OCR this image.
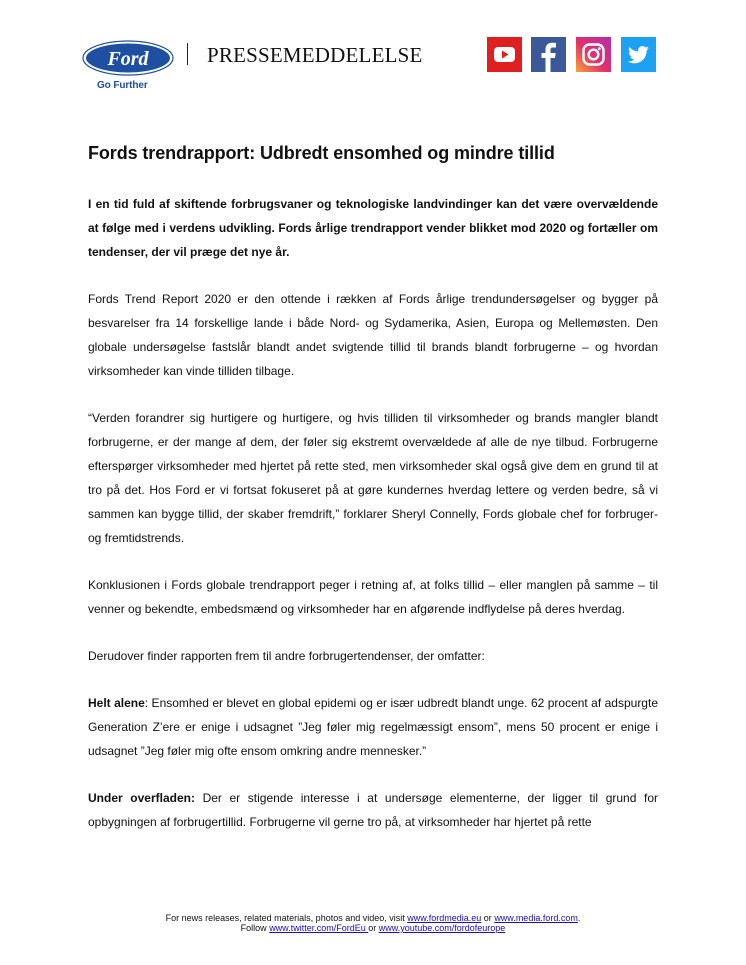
Ford
Go Further
PRESSEMEDDELELSE
Fords trendrapport: Udbredt ensomhed og mindre tillid

I en tid fuld af skiftende forbrugsvaner og teknologiske landvindinger kan det være overvældende at følge med i verdens udvikling. Fords årlige trendrapport vender blikket mod 2020 og fortæller om tendenser, der vil præge det nye år.

Fords Trend Report 2020 er den ottende i rækken af Fords årlige trendundersøgelser og bygger på besvarelser fra 14 forskellige lande i både Nord- og Sydamerika, Asien, Europa og Mellemøsten. Den globale undersøgelse fastslår blandt andet svigtende tillid til brands blandt forbrugerne – og hvordan virksomheder kan vinde tilliden tilbage.

“Verden forandrer sig hurtigere og hurtigere, og hvis tilliden til virksomheder og brands mangler blandt forbrugerne, er der mange af dem, der føler sig ekstremt overvældede af alle de nye tilbud. Forbrugerne efterspørger virksomheder med hjertet på rette sted, men virksomheder skal også give dem en grund til at tro på det. Hos Ford er vi fortsat fokuseret på at gøre kundernes hverdag lettere og verden bedre, så vi sammen kan bygge tillid, der skaber fremdrift,” forklarer Sheryl Connelly, Fords globale chef for forbruger- og fremtidstrends.

Konklusionen i Fords globale trendrapport peger i retning af, at folks tillid – eller manglen på samme – til venner og bekendte, embedsmænd og virksomheder har en afgørende indflydelse på deres hverdag.

Derudover finder rapporten frem til andre forbrugertendenser, der omfatter:

Helt alene: Ensomhed er blevet en global epidemi og er især udbredt blandt unge. 62 procent af adspurgte Generation Z’ere er enige i udsagnet ”Jeg føler mig regelmæssigt ensom”, mens 50 procent er enige i udsagnet ”Jeg føler mig ofte ensom omkring andre mennesker.”

Under overfladen: Der er stigende interesse i at undersøge elementerne, der ligger til grund for opbygningen af forbrugertillid. Forbrugerne vil gerne tro på, at virksomheder har hjertet på rette

For news releases, related materials, photos and video, visit www.fordmedia.eu or www.media.ford.com.
Follow www.twitter.com/FordEu or www.youtube.com/fordofeurope
